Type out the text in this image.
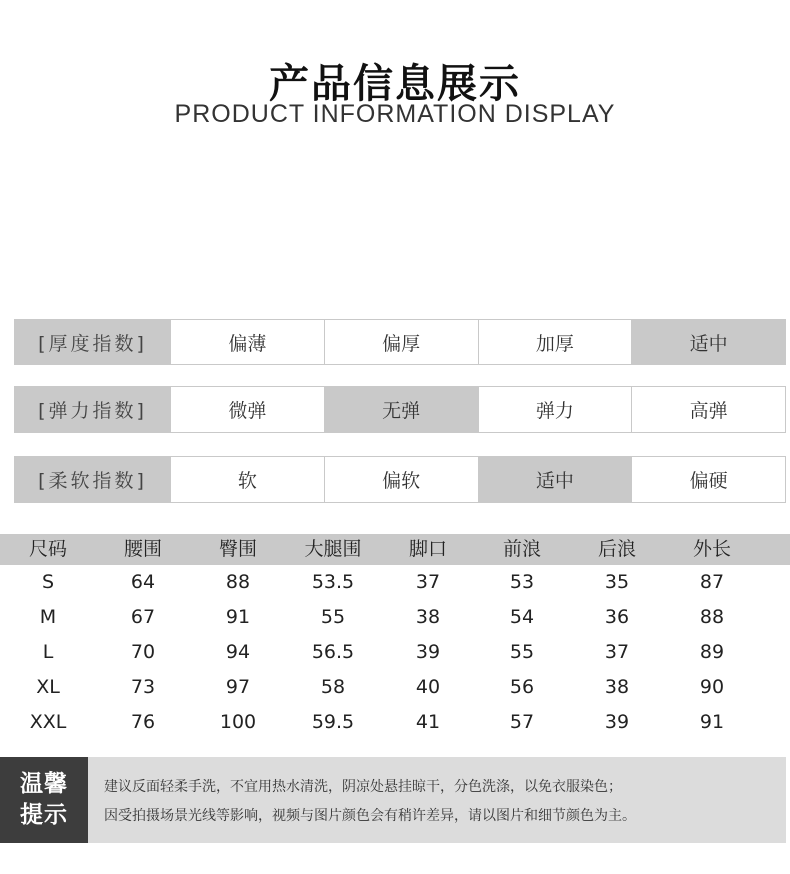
产品信息展示
PRODUCT INFORMATION DISPLAY
[厚度指数]	偏薄	偏厚	加厚	适中
[弹力指数]	微弹	无弹	弹力	高弹
[柔软指数]	软	偏软	适中	偏硬
尺码	腰围	臀围	大腿围	脚口	前浪	后浪	外长
S	64	88	53.5	37	53	35	87
M	67	91	55	38	54	36	88
L	70	94	56.5	39	55	37	89
XL	73	97	58	40	56	38	90
XXL	76	100	59.5	41	57	39	91
温馨
提示
建议反面轻柔手洗，不宜用热水清洗，阴凉处悬挂晾干，分色洗涤，以免衣服染色；
因受拍摄场景光线等影响，视频与图片颜色会有稍许差异，请以图片和细节颜色为主。
